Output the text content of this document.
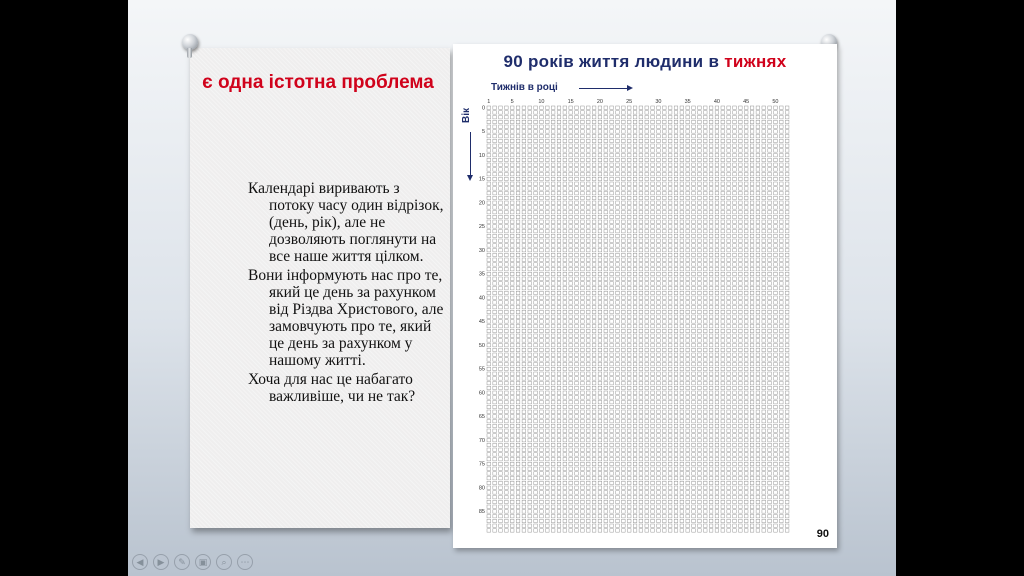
є одна істотна проблема

Календарі виривають з потоку часу один відрізок, (день, рік), але не дозволяють поглянути на все наше життя цілком.

Вони інформують нас про те, який це день за рахунком від Різдва Христового, але замовчують про те, який це день за рахунком у нашому житті.

Хоча для нас це набагато важливіше, чи не так?

90 років життя людини в тижнях
Тижнів в році
Вік
1	5	10	15	20	25	30	35	40	45	50
0
5
10
15
20
25
30
35
40
45
50
55
60
65
70
75
80
85
90
◀	▶	✎	▣	⌕	⋯
